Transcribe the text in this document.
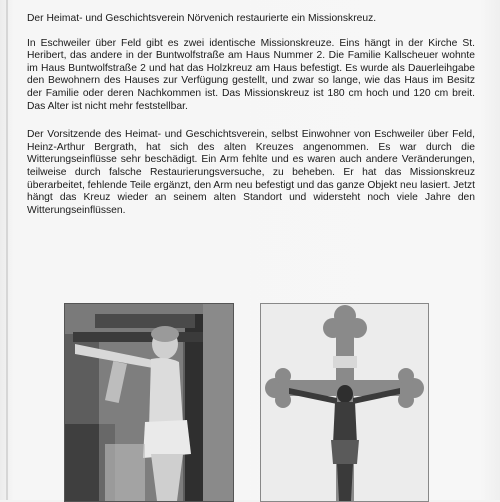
Der Heimat- und Geschichtsverein Nörvenich restaurierte ein Missionskreuz.

In Eschweiler über Feld gibt es zwei identische Missionskreuze. Eins hängt in der Kirche St. Heribert, das andere in der Buntwolfstraße am Haus Nummer 2. Die Familie Kallscheuer wohnte im Haus Buntwolfstraße 2 und hat das Holzkreuz am Haus befestigt. Es wurde als Dauerleihgabe den Bewohnern des Hauses zur Verfügung gestellt, und zwar so lange, wie das Haus im Besitz der Familie oder deren Nachkommen ist. Das Missionskreuz ist 180 cm hoch und 120 cm breit. Das Alter ist nicht mehr feststellbar.

Der Vorsitzende des Heimat- und Geschichtsverein, selbst Einwohner von Eschweiler über Feld, Heinz-Arthur Bergrath, hat sich des alten Kreuzes angenommen. Es war durch die Witterungseinflüsse sehr beschädigt. Ein Arm fehlte und es waren auch andere Veränderungen, teilweise durch falsche Restaurierungsversuche, zu beheben. Er hat das Missionskreuz überarbeitet, fehlende Teile ergänzt, den Arm neu befestigt und das ganze Objekt neu lasiert. Jetzt hängt das Kreuz wieder an seinem alten Standort und widersteht noch viele Jahre den Witterungseinflüssen.
